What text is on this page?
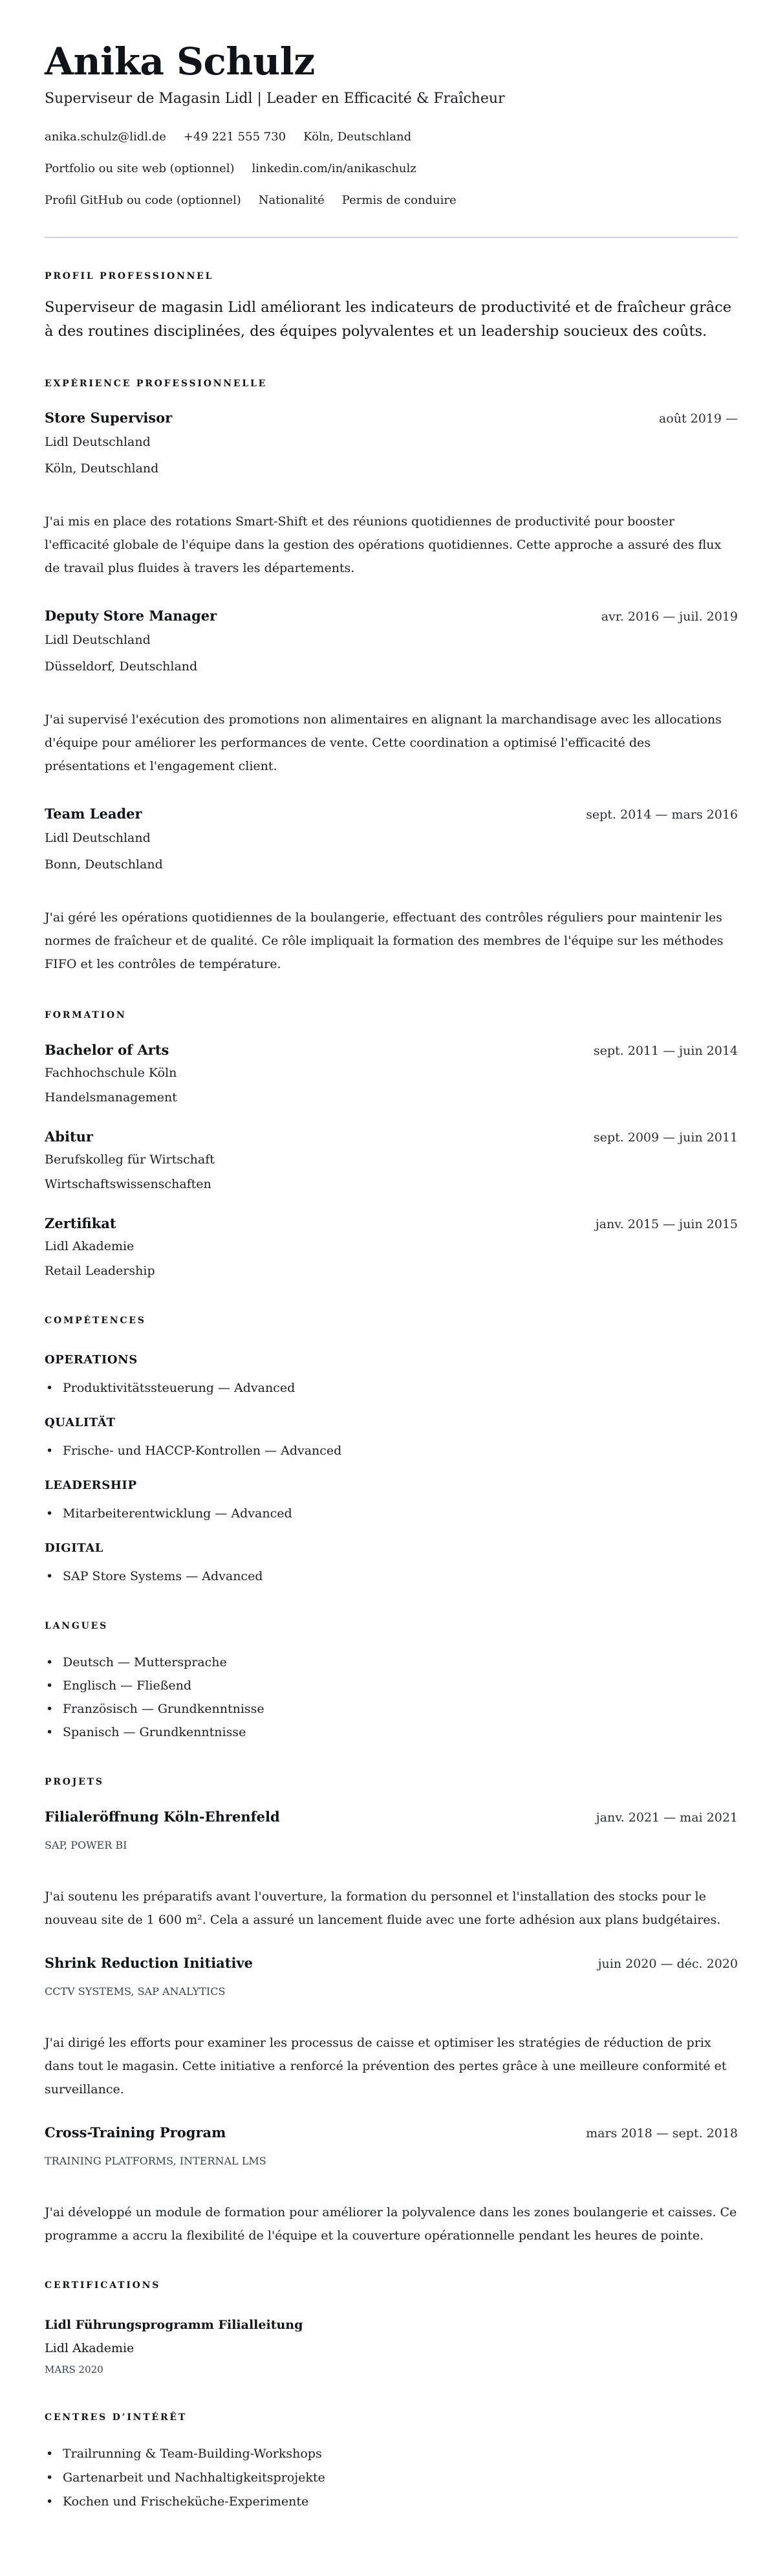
Anika Schulz
Superviseur de Magasin Lidl | Leader en Efficacité & Fraîcheur
anika.schulz@lidl.de +49 221 555 730 Köln, Deutschland
Portfolio ou site web (optionnel) linkedin.com/in/anikaschulz
Profil GitHub ou code (optionnel) Nationalité Permis de conduire
PROFIL PROFESSIONNEL

Superviseur de magasin Lidl améliorant les indicateurs de productivité et de fraîcheur grâce à des routines disciplinées, des équipes polyvalentes et un leadership soucieux des coûts.

EXPÉRIENCE PROFESSIONNELLE
Store Supervisor	août 2019 —
Lidl Deutschland
Köln, Deutschland

J'ai mis en place des rotations Smart-Shift et des réunions quotidiennes de productivité pour booster l'efficacité globale de l'équipe dans la gestion des opérations quotidiennes. Cette approche a assuré des flux de travail plus fluides à travers les départements.

Deputy Store Manager	avr. 2016 — juil. 2019
Lidl Deutschland
Düsseldorf, Deutschland

J'ai supervisé l'exécution des promotions non alimentaires en alignant la marchandisage avec les allocations d'équipe pour améliorer les performances de vente. Cette coordination a optimisé l'efficacité des présentations et l'engagement client.

Team Leader	sept. 2014 — mars 2016
Lidl Deutschland
Bonn, Deutschland

J'ai géré les opérations quotidiennes de la boulangerie, effectuant des contrôles réguliers pour maintenir les normes de fraîcheur et de qualité. Ce rôle impliquait la formation des membres de l'équipe sur les méthodes FIFO et les contrôles de température.

FORMATION
Bachelor of Arts	sept. 2011 — juin 2014
Fachhochschule Köln
Handelsmanagement
Abitur	sept. 2009 — juin 2011
Berufskolleg für Wirtschaft
Wirtschaftswissenschaften
Zertifikat	janv. 2015 — juin 2015
Lidl Akademie
Retail Leadership
COMPÉTENCES
OPERATIONS
• Produktivitätssteuerung — Advanced
QUALITÄT
• Frische- und HACCP-Kontrollen — Advanced
LEADERSHIP
• Mitarbeiterentwicklung — Advanced
DIGITAL
• SAP Store Systems — Advanced
LANGUES
• Deutsch — Muttersprache
• Englisch — Fließend
• Französisch — Grundkenntnisse
• Spanisch — Grundkenntnisse
PROJETS
Filialeröffnung Köln-Ehrenfeld	janv. 2021 — mai 2021
SAP, POWER BI

J'ai soutenu les préparatifs avant l'ouverture, la formation du personnel et l'installation des stocks pour le nouveau site de 1 600 m². Cela a assuré un lancement fluide avec une forte adhésion aux plans budgétaires.

Shrink Reduction Initiative	juin 2020 — déc. 2020
CCTV SYSTEMS, SAP ANALYTICS

J'ai dirigé les efforts pour examiner les processus de caisse et optimiser les stratégies de réduction de prix dans tout le magasin. Cette initiative a renforcé la prévention des pertes grâce à une meilleure conformité et surveillance.

Cross-Training Program	mars 2018 — sept. 2018
TRAINING PLATFORMS, INTERNAL LMS

J'ai développé un module de formation pour améliorer la polyvalence dans les zones boulangerie et caisses. Ce programme a accru la flexibilité de l'équipe et la couverture opérationnelle pendant les heures de pointe.

CERTIFICATIONS
Lidl Führungsprogramm Filialleitung
Lidl Akademie
MARS 2020
CENTRES D’INTÉRÊT
• Trailrunning & Team-Building-Workshops
• Gartenarbeit und Nachhaltigkeitsprojekte
• Kochen und Frischeküche-Experimente
